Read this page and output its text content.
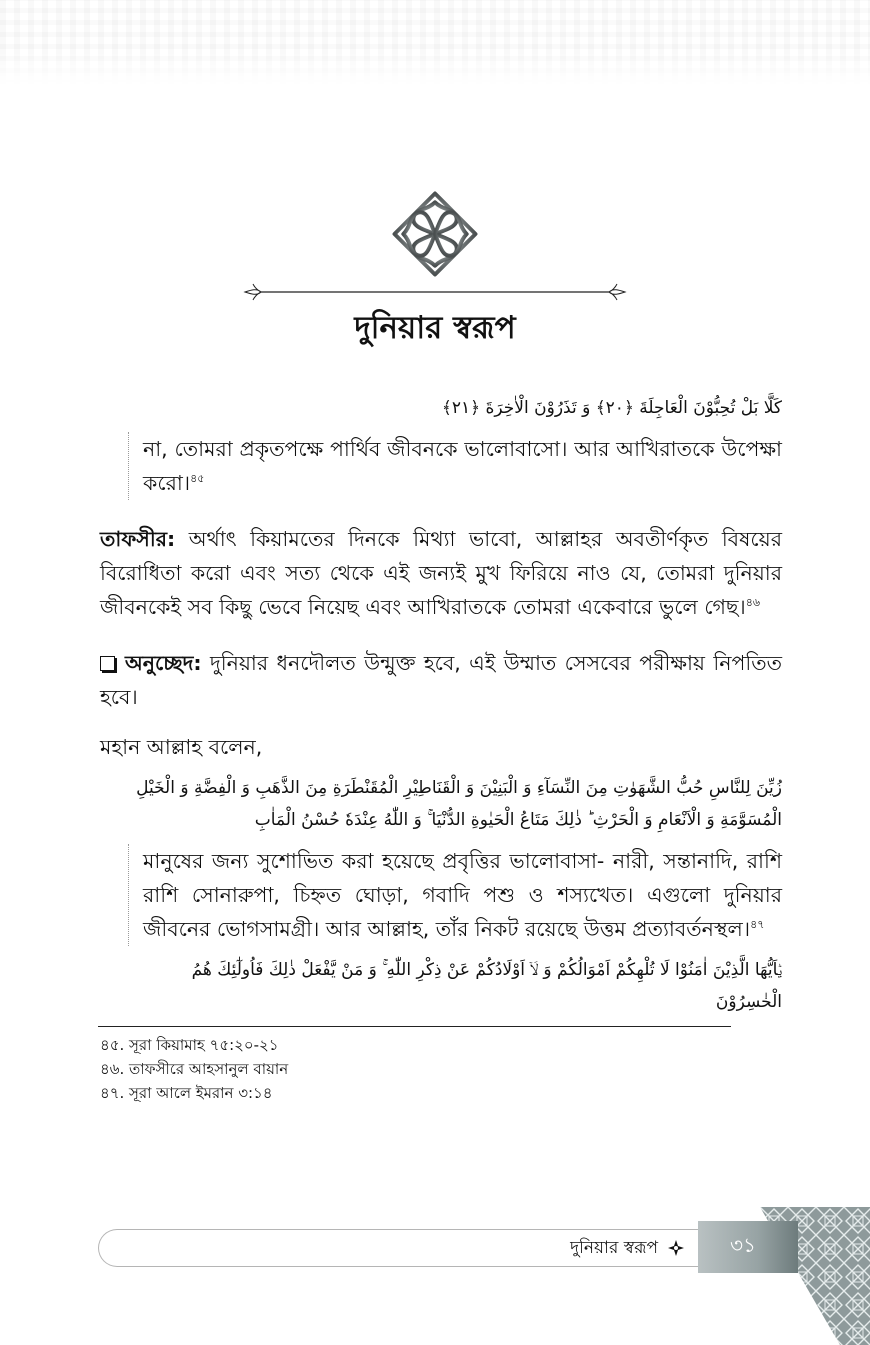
দুনিয়ার স্বরূপ
كَلَّا بَلْ تُحِبُّوْنَ الْعَاجِلَةَ ﴿۲۰﴾ وَ تَذَرُوْنَ الْاٰخِرَةَ ﴿۲۱﴾
না, তোমরা প্রকৃতপক্ষে পার্থিব জীবনকে ভালোবাসো। আর আখিরাতকে উপেক্ষা করো।$^{৪৫}$
তাফসীর: অর্থাৎ কিয়ামতের দিনকে মিথ্যা ভাবো, আল্লাহর অবতীর্ণকৃত বিষয়ের বিরোধিতা করো এবং সত্য থেকে এই জন্যই মুখ ফিরিয়ে নাও যে, তোমরা দুনিয়ার জীবনকেই সব কিছু ভেবে নিয়েছ এবং আখিরাতকে তোমরা একেবারে ভুলে গেছ।$^{৪৬}$
অনুচ্ছেদ: দুনিয়ার ধনদৌলত উন্মুক্ত হবে, এই উম্মাত সেসবের পরীক্ষায় নিপতিত হবে।
মহান আল্লাহ বলেন,
زُيِّنَ لِلنَّاسِ حُبُّ الشَّهَوٰتِ مِنَ النِّسَآءِ وَ الْبَنِيْنَ وَ الْقَنَاطِيْرِ الْمُقَنْطَرَةِ مِنَ الذَّهَبِ وَ الْفِضَّةِ وَ الْخَيْلِ الْمُسَوَّمَةِ وَ الْاَنْعَامِ وَ الْحَرْثِ ؕ ذٰلِكَ مَتَاعُ الْحَيٰوةِ الدُّنْيَا ۚ وَ اللّٰهُ عِنْدَهٗ حُسْنُ الْمَاٰبِ
মানুষের জন্য সুশোভিত করা হয়েছে প্রবৃত্তির ভালোবাসা- নারী, সন্তানাদি, রাশি রাশি সোনারুপা, চিহ্নত ঘোড়া, গবাদি পশু ও শস্যখেত। এগুলো দুনিয়ার জীবনের ভোগসামগ্রী। আর আল্লাহ, তাঁর নিকট রয়েছে উত্তম প্রত্যাবর্তনস্থল।$^{৪৭}$
يٰۤاَيُّهَا الَّذِيْنَ اٰمَنُوْا لَا تُلْهِكُمْ اَمْوَالُكُمْ وَ لَاۤ اَوْلَادُكُمْ عَنْ ذِكْرِ اللّٰهِ ۚ وَ مَنْ يَّفْعَلْ ذٰلِكَ فَاُولٰٓئِكَ هُمُ الْخٰسِرُوْنَ
৪৫. সূরা কিয়ামাহ ৭৫:২০-২১
৪৬. তাফসীরে আহসানুল বায়ান
৪৭. সূরা আলে ইমরান ৩:১৪
দুনিয়ার স্বরূপ	৩১
